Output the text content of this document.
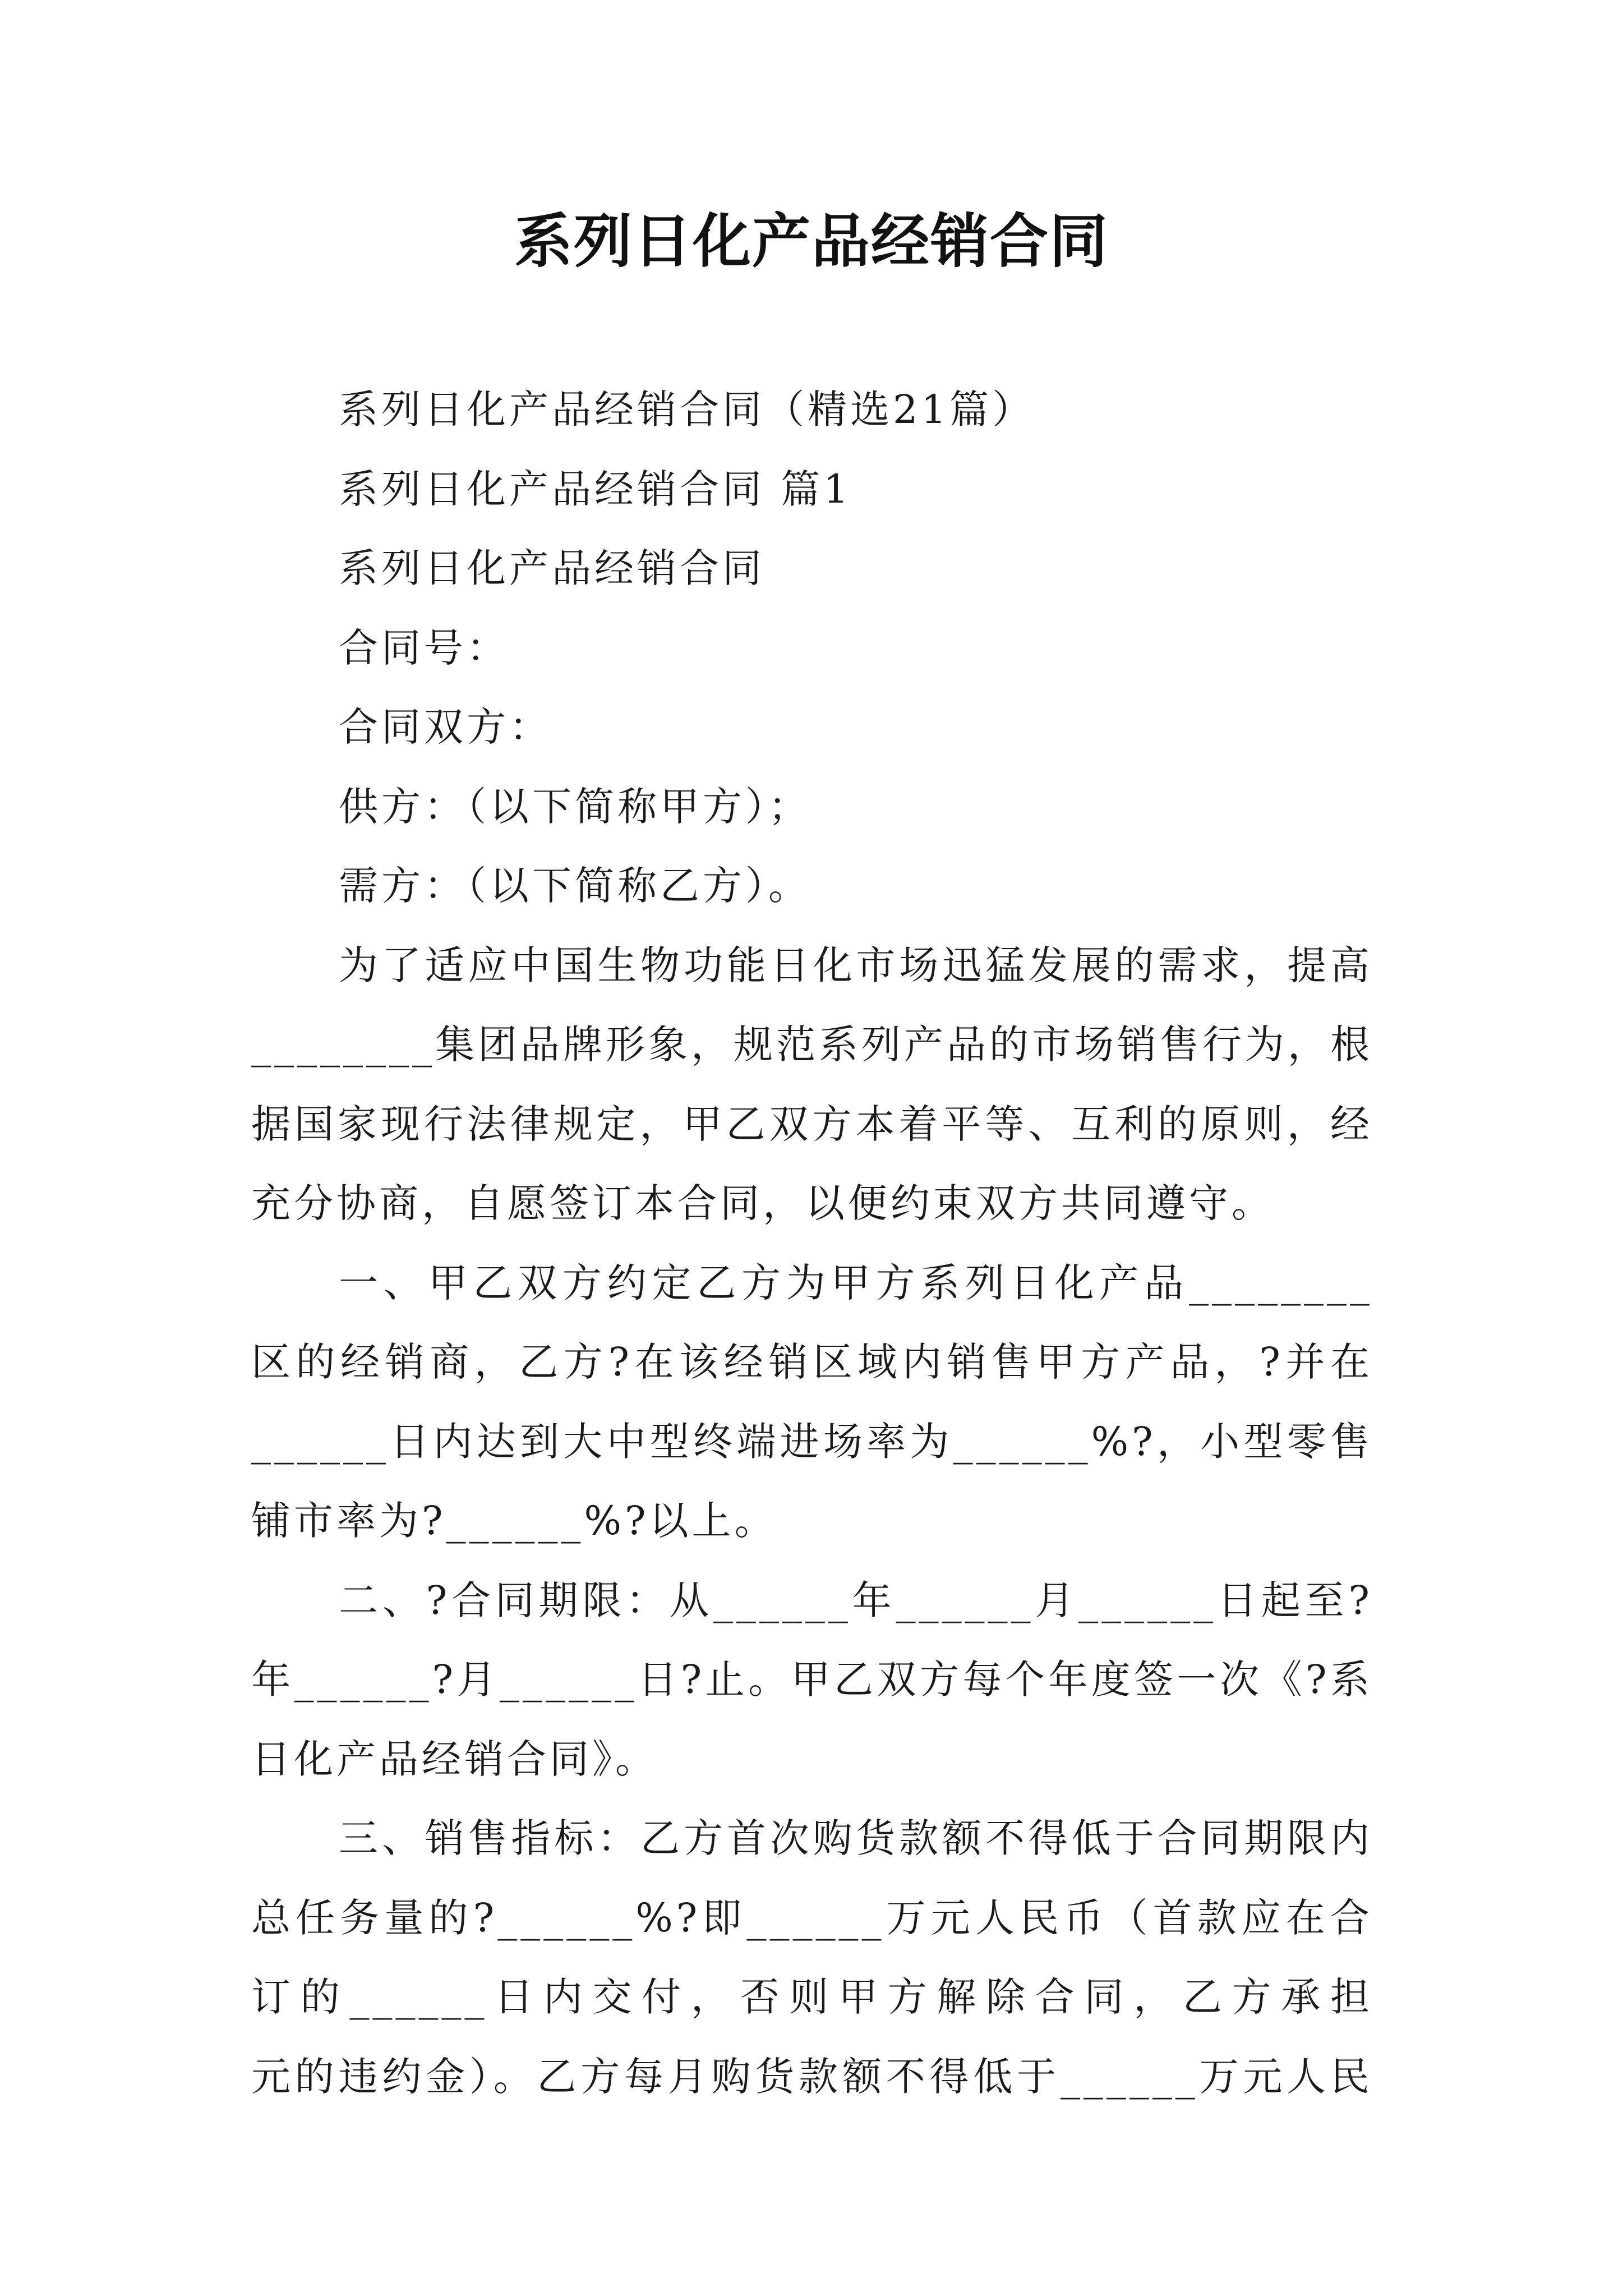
系列日化产品经销合同
系列日化产品经销合同（精选21篇）
系列日化产品经销合同 篇1
系列日化产品经销合同
合同号：
合同双方：
供方：（以下简称甲方）；
需方：（以下简称乙方）。
为了适应中国生物功能日化市场迅猛发展的需求，提高
________集团品牌形象，规范系列产品的市场销售行为，根
据国家现行法律规定，甲乙双方本着平等、互利的原则，经
充分协商，自愿签订本合同，以便约束双方共同遵守。
一、甲乙双方约定乙方为甲方系列日化产品________
区的经销商，乙方?在该经销区域内销售甲方产品，?并在
______日内达到大中型终端进场率为______%?，小型零售
铺市率为?______%?以上。
二、?合同期限：从______年______月______日起至?
年______?月______日?止。甲乙双方每个年度签一次《?系
日化产品经销合同》。
三、销售指标：乙方首次购货款额不得低于合同期限内
总任务量的?______%?即______万元人民币（首款应在合
订的______日内交付，否则甲方解除合同，乙方承担
元的违约金）。乙方每月购货款额不得低于______万元人民
